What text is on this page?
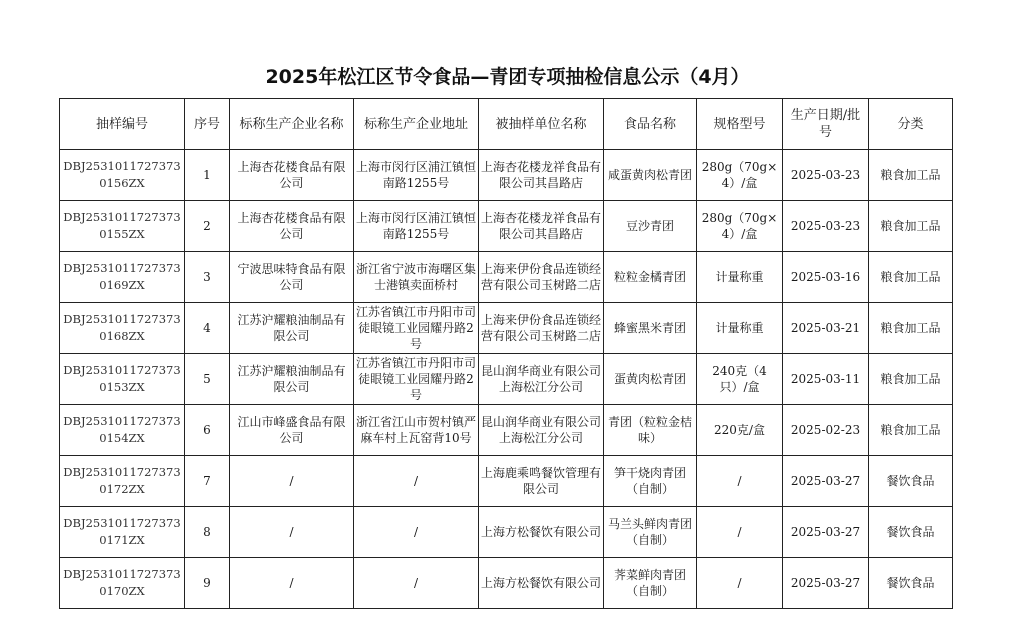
2025年松江区节令食品—青团专项抽检信息公示（4月）
抽样编号	序号	标称生产企业名称	标称生产企业地址	被抽样单位名称	食品名称	规格型号	生产日期/批号	分类
DBJ25310117273730156ZX	1	上海杏花楼食品有限公司	上海市闵行区浦江镇恒南路1255号	上海杏花楼龙祥食品有限公司其昌路店	咸蛋黄肉松青团	280g（70g×4）/盒	2025-03-23	粮食加工品
DBJ25310117273730155ZX	2	上海杏花楼食品有限公司	上海市闵行区浦江镇恒南路1255号	上海杏花楼龙祥食品有限公司其昌路店	豆沙青团	280g（70g×4）/盒	2025-03-23	粮食加工品
DBJ25310117273730169ZX	3	宁波思味特食品有限公司	浙江省宁波市海曙区集士港镇卖面桥村	上海来伊份食品连锁经营有限公司玉树路二店	粒粒金橘青团	计量称重	2025-03-16	粮食加工品
DBJ25310117273730168ZX	4	江苏沪耀粮油制品有限公司	江苏省镇江市丹阳市司徒眼镜工业园耀丹路2号	上海来伊份食品连锁经营有限公司玉树路二店	蜂蜜黑米青团	计量称重	2025-03-21	粮食加工品
DBJ25310117273730153ZX	5	江苏沪耀粮油制品有限公司	江苏省镇江市丹阳市司徒眼镜工业园耀丹路2号	昆山润华商业有限公司上海松江分公司	蛋黄肉松青团	240克（4只）/盒	2025-03-11	粮食加工品
DBJ25310117273730154ZX	6	江山市峰盛食品有限公司	浙江省江山市贺村镇严麻车村上瓦窑背10号	昆山润华商业有限公司上海松江分公司	青团（粒粒金桔味）	220克/盒	2025-02-23	粮食加工品
DBJ25310117273730172ZX	7	/	/	上海鹿乘鸣餐饮管理有限公司	笋干烧肉青团（自制）	/	2025-03-27	餐饮食品
DBJ25310117273730171ZX	8	/	/	上海方松餐饮有限公司	马兰头鲜肉青团（自制）	/	2025-03-27	餐饮食品
DBJ25310117273730170ZX	9	/	/	上海方松餐饮有限公司	荠菜鲜肉青团（自制）	/	2025-03-27	餐饮食品
